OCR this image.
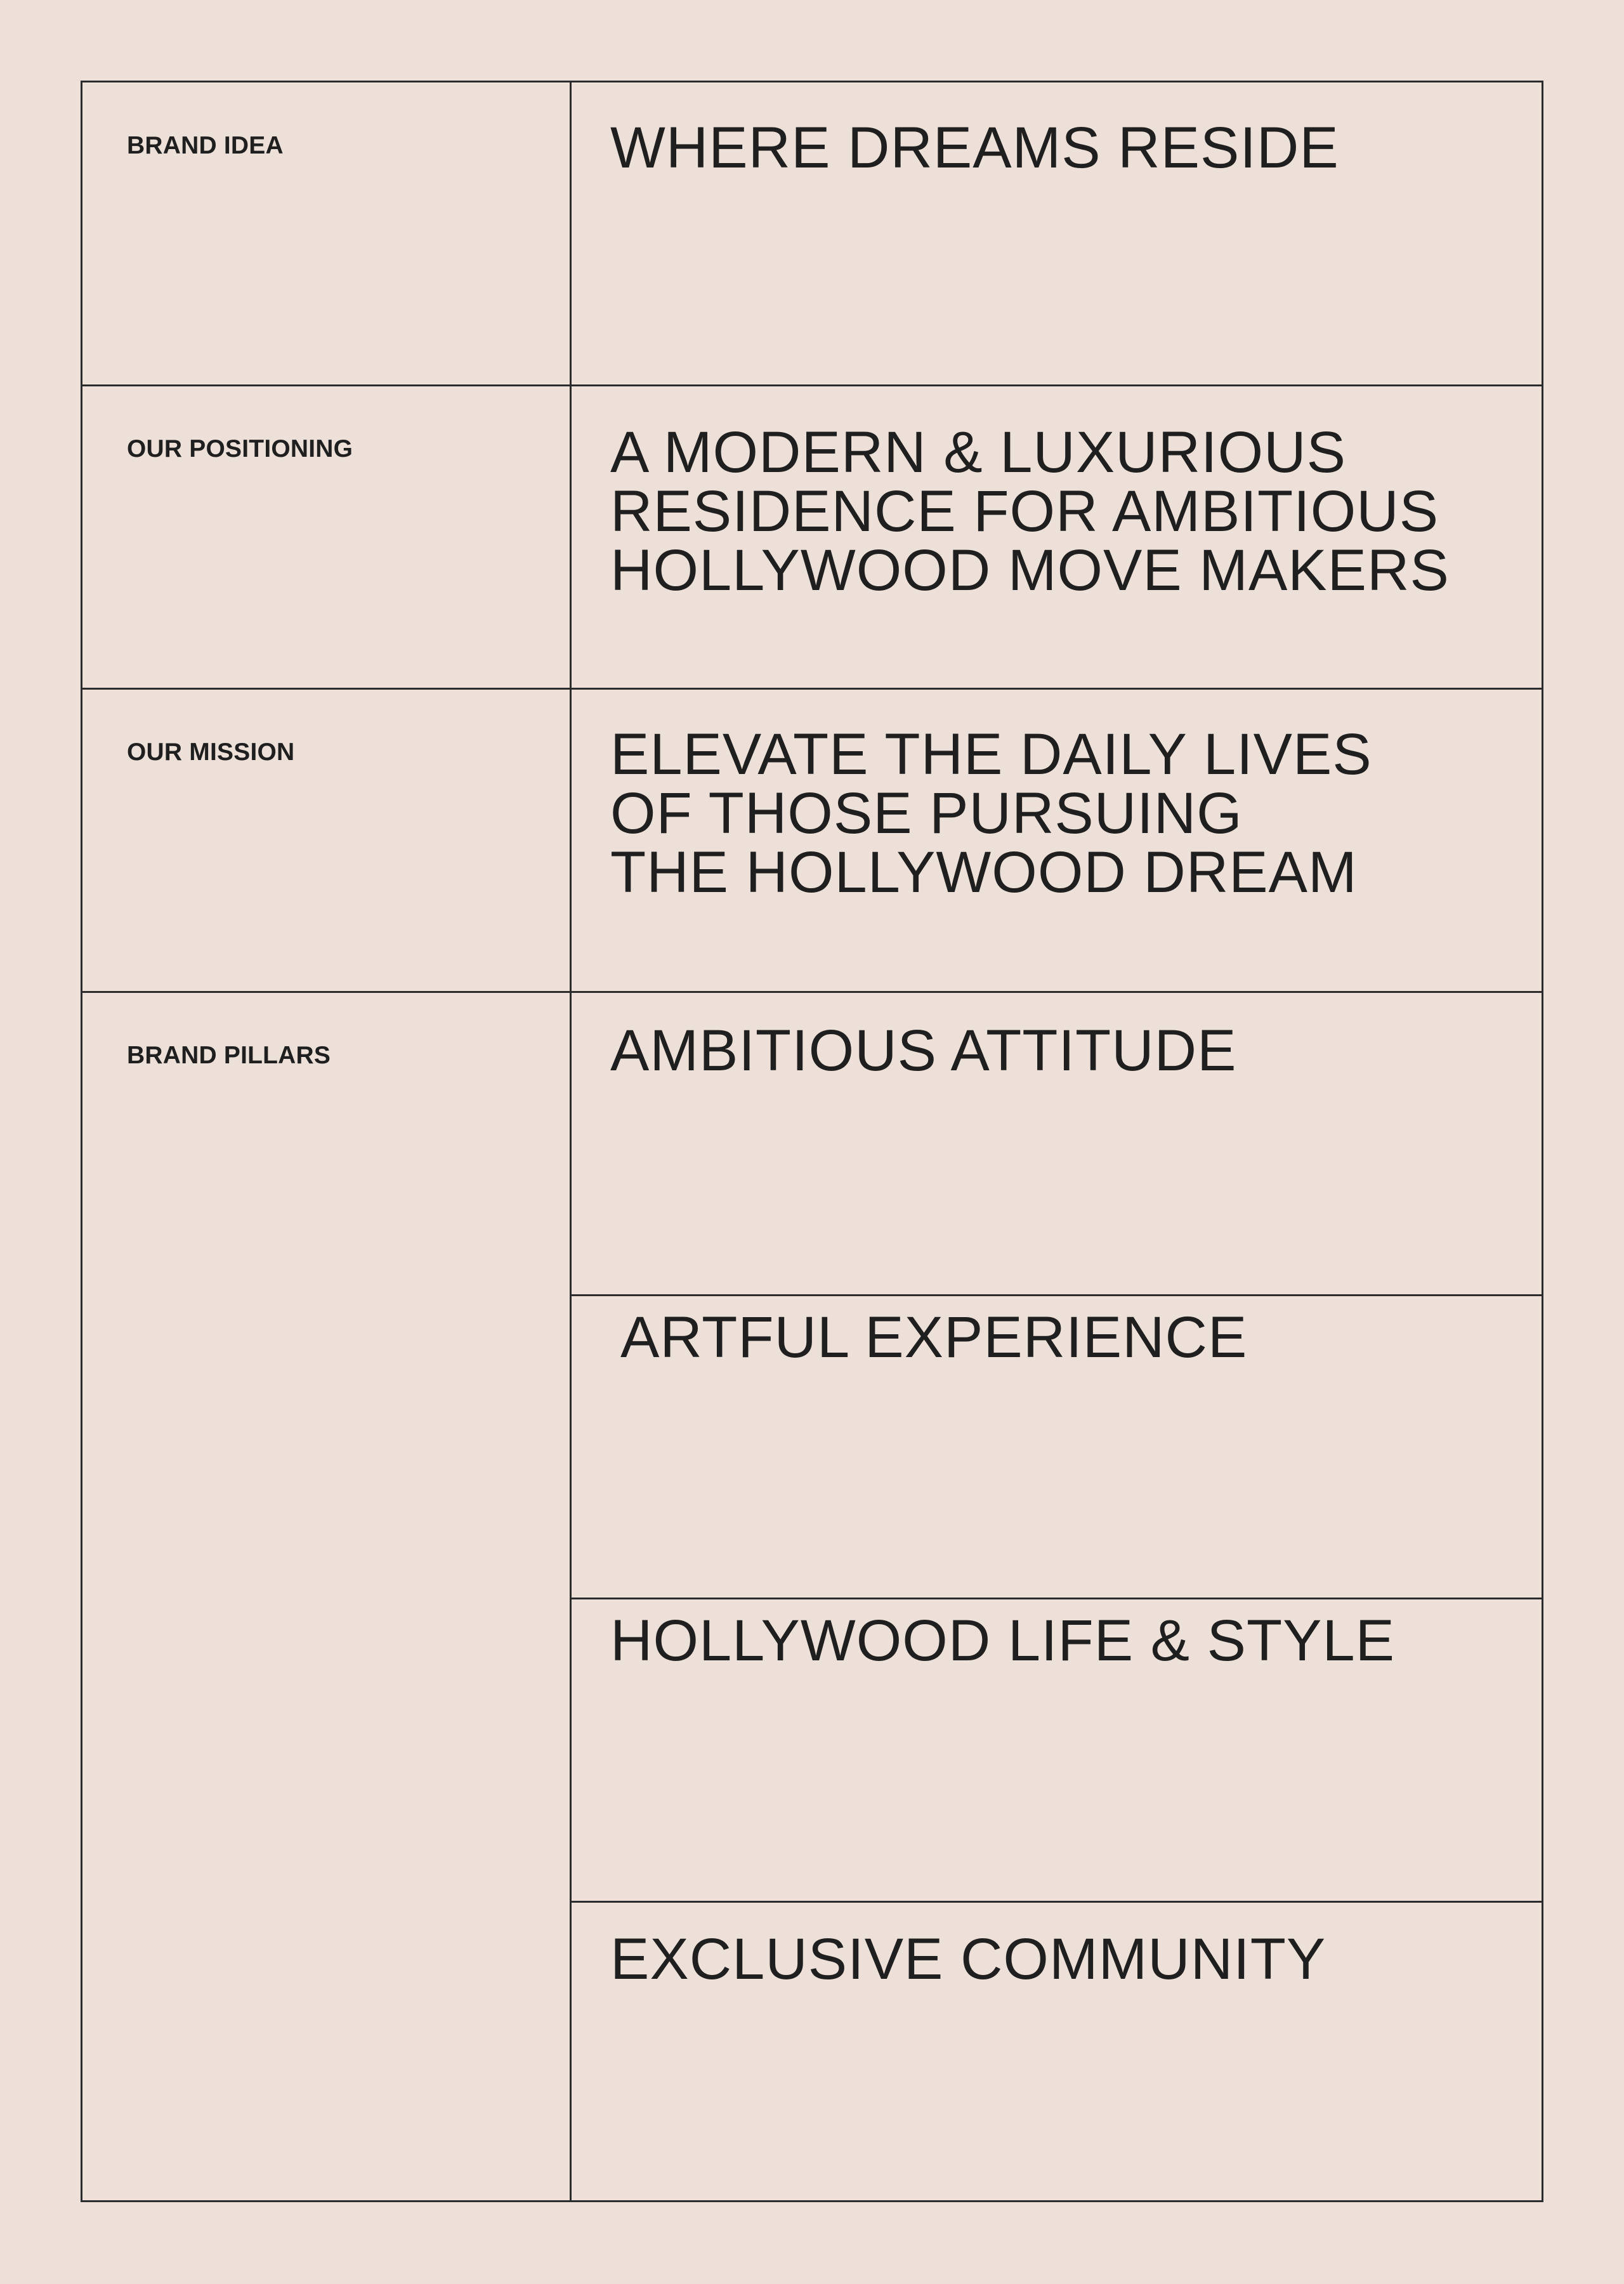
BRAND IDEA	WHERE DREAMS RESIDE
OUR POSITIONING	A MODERN & LUXURIOUS
RESIDENCE FOR AMBITIOUS
HOLLYWOOD MOVE MAKERS
OUR MISSION	ELEVATE THE DAILY LIVES
OF THOSE PURSUING
THE HOLLYWOOD DREAM
BRAND PILLARS	AMBITIOUS ATTITUDE
ARTFUL EXPERIENCE
HOLLYWOOD LIFE & STYLE
EXCLUSIVE COMMUNITY
